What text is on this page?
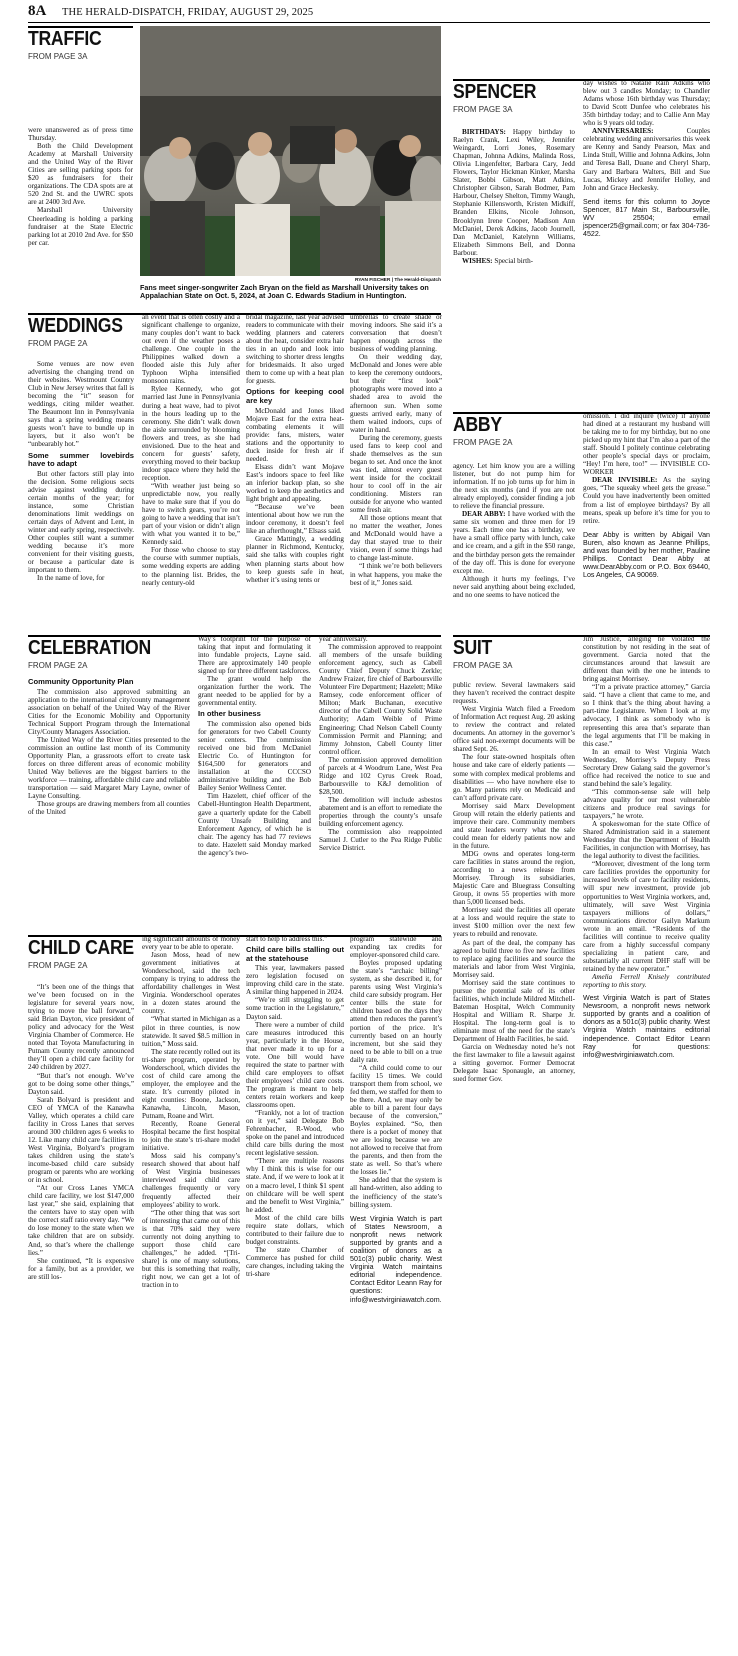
8A THE HERALD-DISPATCH, FRIDAY, AUGUST 29, 2025
TRAFFIC
FROM PAGE 3A

were unanswered as of press time Thursday.

Both the Child Development Academy at Marshall University and the United Way of the River Cities are selling parking spots for $20 as fundraisers for their organizations. The CDA spots are at 520 2nd St. and the UWRC spots are at 2400 3rd Ave.

Marshall University Cheerleading is holding a parking fundraiser at the State Electric parking lot at 2010 2nd Ave. for $50 per car.

RYAN FISCHER | The Herald-Dispatch
Fans meet singer-songwriter Zach Bryan on the field as Marshall University takes on Appalachian State on Oct. 5, 2024, at Joan C. Edwards Stadium in Huntington.
SPENCER
FROM PAGE 3A

BIRTHDAYS: Happy birthday to Raelyn Crank, Lexi Wiley, Jennifer Weingardt, Lorri Jones, Rosemary Chapman, Johnna Adkins, Malinda Ross, Olivia Lingenfelter, Barbara Cary, Jedd Flowers, Taylor Hickman Kinker, Marsha Slater, Bobbi Gibson, Matt Adkins, Christopher Gibson, Sarah Bodmer, Pam Harbour, Chelsey Shelton, Timmy Waugh, Stephanie Killensworth, Kristen Midkiff, Branden Elkins, Nicole Johnson, Brooklynn Irene Cooper, Madison Ann McDaniel, Derek Adkins, Jacob Journell, Dan McDaniel, Katelynn Williams, Elizabeth Simmons Bell, and Donna Barbour.

WISHES: Special birth-

day wishes to Natalie Rain Adkins who blew out 3 candles Monday; to Chandler Adams whose 16th birthday was Thursday; to David Scott Dunfee who celebrates his 35th birthday today; and to Callie Ann May who is 9 years old today.

ANNIVERSARIES: Couples celebrating wedding anniversaries this week are Kenny and Sandy Pearson, Max and Linda Stull, Willie and Johnna Adkins, John and Teresa Ball, Duane and Cheryl Sharp, Gary and Barbara Walters, Bill and Sue Lucas, Mickey and Jennifer Holley, and John and Grace Heckesky.

Send items for this column to Joyce Spencer, 817 Main St., Barboursville, WV 25504; email jspencer25@gmail.com; or fax 304-736-4522.

WEDDINGS
FROM PAGE 2A

Some venues are now even advertising the changing trend on their websites. Westmount Country Club in New Jersey writes that fall is becoming the “it” season for weddings, citing milder weather. The Beaumont Inn in Pennsylvania says that a spring wedding means guests won’t have to bundle up in layers, but it also won’t be “unbearably hot.”

Some summer lovebirds have to adapt

But other factors still play into the decision. Some religious sects advise against wedding during certain months of the year; for instance, some Christian denominations limit weddings on certain days of Advent and Lent, in winter and early spring, respectively. Other couples still want a summer wedding because it’s more convenient for their visiting guests, or because a particular date is important to them.

In the name of love, for

an event that is often costly and a significant challenge to organize, many couples don’t want to back out even if the weather poses a challenge. One couple in the Philippines walked down a flooded aisle this July after Typhoon Wipha intensified monsoon rains.

Rylee Kennedy, who got married last June in Pennsylvania during a heat wave, had to pivot in the hours leading up to the ceremony. She didn’t walk down the aisle surrounded by blooming flowers and trees, as she had envisioned. Due to the heat and concern for guests’ safety, everything moved to their backup indoor space where they held the reception.

“With weather just being so unpredictable now, you really have to make sure that if you do have to switch gears, you’re not going to have a wedding that isn’t part of your vision or didn’t align with what you wanted it to be,” Kennedy said.

For those who choose to stay the course with summer nuptials, some wedding experts are adding to the planning list. Brides, the nearly century-old

bridal magazine, last year advised readers to communicate with their wedding planners and caterers about the heat, consider extra hair ties in an updo and look into switching to shorter dress lengths for bridesmaids. It also urged them to come up with a heat plan for guests.

Options for keeping cool are key

McDonald and Jones liked Mojave East for the extra heat-combating elements it will provide: fans, misters, water stations and the opportunity to duck inside for fresh air if needed.

Elsass didn’t want Mojave East’s indoors space to feel like an inferior backup plan, so she worked to keep the aesthetics and light bright and appealing.

“Because we’ve been intentional about how we run the indoor ceremony, it doesn’t feel like an afterthought,” Elsass said.

Grace Mattingly, a wedding planner in Richmond, Kentucky, said she talks with couples right when planning starts about how to keep guests safe in heat, whether it’s using tents or

umbrellas to create shade or moving indoors. She said it’s a conversation that doesn’t happen enough across the business of wedding planning.

On their wedding day, McDonald and Jones were able to keep the ceremony outdoors, but their “first look” photographs were moved into a shaded area to avoid the afternoon sun. When some guests arrived early, many of them waited indoors, cups of water in hand.

During the ceremony, guests used fans to keep cool and shade themselves as the sun began to set. And once the knot was tied, almost every guest went inside for the cocktail hour to cool off in the air conditioning. Misters ran outside for anyone who wanted some fresh air.

All those options meant that no matter the weather, Jones and McDonald would have a day that stayed true to their vision, even if some things had to change last-minute.

“I think we’re both believers in what happens, you make the best of it,” Jones said.

ABBY
FROM PAGE 2A

agency. Let him know you are a willing listener, but do not pump him for information. If no job turns up for him in the next six months (and if you are not already employed), consider finding a job to relieve the financial pressure.

DEAR ABBY: I have worked with the same six women and three men for 19 years. Each time one has a birthday, we have a small office party with lunch, cake and ice cream, and a gift in the $50 range, and the birthday person gets the remainder of the day off. This is done for everyone except me.

Although it hurts my feelings, I’ve never said anything about being excluded, and no one seems to have noticed the

omission. I did inquire (twice) if anyone had dined at a restaurant my husband will be taking me to for my birthday, but no one picked up my hint that I’m also a part of the staff. Should I politely continue celebrating other people’s special days or proclaim, “Hey! I’m here, too!” — INVISIBLE CO-WORKER

DEAR INVISIBLE: As the saying goes, “The squeaky wheel gets the grease.” Could you have inadvertently been omitted from a list of employee birthdays? By all means, speak up before it’s time for you to retire.

Dear Abby is written by Abigail Van Buren, also known as Jeanne Phillips, and was founded by her mother, Pauline Phillips. Contact Dear Abby at www.DearAbby.com or P.O. Box 69440, Los Angeles, CA 90069.

CELEBRATION
FROM PAGE 2A
Community Opportunity Plan

The commission also approved submitting an application to the international city/county management association on behalf of the United Way of the River Cities for the Economic Mobility and Opportunity Technical Support Program through the International City/County Managers Association.

The United Way of the River Cities presented to the commission an outline last month of its Community Opportunity Plan, a grassroots effort to create task forces on three different areas of economic mobility United Way believes are the biggest barriers to the workforce — training, affordable child care and reliable transportation — said Margaret Mary Layne, owner of Layne Consulting.

Those groups are drawing members from all counties of the United

Way’s footprint for the purpose of taking that input and formulating it into fundable projects, Layne said. There are approximately 140 people signed up for three different taskforces.

The grant would help the organization further the work. The grant needed to be applied for by a governmental entity.

In other business

The commission also opened bids for generators for two Cabell County senior centers. The commission received one bid from McDaniel Electric Co. of Huntington for $164,500 for generators and installation at the CCCSO administrative building and the Bob Bailey Senior Wellness Center.

Tim Hazelett, chief officer of the Cabell-Huntington Health Department, gave a quarterly update for the Cabell County Unsafe Building and Enforcement Agency, of which he is chair. The agency has had 77 reviews to date. Hazelett said Monday marked the agency’s two-

year anniversary.

The commission approved to reappoint all members of the unsafe building enforcement agency, such as Cabell County Chief Deputy Chuck Zerkle; Andrew Fraizer, fire chief of Barboursville Volunteer Fire Department; Hazelett; Mike Ramsey, code enforcement officer of Milton; Mark Buchanan, executive director of the Cabell County Solid Waste Authority; Adam Weible of Prime Engineering; Chad Nelson Cabell County Commission Permit and Planning; and Jimmy Johnston, Cabell County litter control officer.

The commission approved demolition of parcels at 4 Woodrum Lane, West Pea Ridge and 102 Cyrus Creek Road, Barboursville to K&J demolition of $28,500.

The demolition will include asbestos abatement and is an effort to remediate the properties through the county’s unsafe building enforcement agency.

The commission also reappointed Samuel J. Cutler to the Pea Ridge Public Service District.

SUIT
FROM PAGE 3A

public review. Several lawmakers said they haven’t received the contract despite requests.

West Virginia Watch filed a Freedom of Information Act request Aug. 20 asking to review the contract and related documents. An attorney in the governor’s office said non-exempt documents will be shared Sept. 26.

The four state-owned hospitals often house and take care of elderly patients — some with complex medical problems and disabilities — who have nowhere else to go. Many patients rely on Medicaid and can’t afford private care.

Morrisey said Marx Development Group will retain the elderly patients and improve their care. Community members and state leaders worry what the sale could mean for elderly patients now and in the future.

MDG owns and operates long-term care facilities in states around the region, according to a news release from Morrisey. Through its subsidiaries, Majestic Care and Bluegrass Consulting Group, it owns 55 properties with more than 5,000 licensed beds.

Morrisey said the facilities all operate at a loss and would require the state to invest $100 million over the next few years to rebuild and renovate.

As part of the deal, the company has agreed to build three to five new facilities to replace aging facilities and source the materials and labor from West Virginia, Morrisey said.

Morrisey said the state continues to pursue the potential sale of its other facilities, which include Mildred Mitchell-Bateman Hospital, Welch Community Hospital and William R. Sharpe Jr. Hospital. The long-term goal is to eliminate most of the need for the state’s Department of Health Facilities, he said.

Garcia on Wednesday noted he’s not the first lawmaker to file a lawsuit against a sitting governor. Former Democrat Delegate Isaac Sponaugle, an attorney, sued former Gov.

Jim Justice, alleging he violated the constitution by not residing in the seat of government. Garcia noted that the circumstances around that lawsuit are different than with the one he intends to bring against Morrisey.

“I’m a private practice attorney,” Garcia said. “I have a client that came to me, and so I think that’s the thing about having a part-time Legislature. When I look at my advocacy, I think as somebody who is representing this area that’s separate than the legal arguments that I’ll be making in this case.”

In an email to West Virginia Watch Wednesday, Morrisey’s Deputy Press Secretary Drew Galang said the governor’s office had received the notice to sue and stand behind the sale’s legality.

“This common-sense sale will help advance quality for our most vulnerable citizens and produce real savings for taxpayers,” he wrote.

A spokeswoman for the state Office of Shared Administration said in a statement Wednesday that the Department of Health Facilities, in conjunction with Morrisey, has the legal authority to divest the facilities.

“Moreover, divestment of the long term care facilities provides the opportunity for increased levels of care to facility residents, will spur new investment, provide job opportunities to West Virginia workers, and, ultimately, will save West Virginia taxpayers millions of dollars,” communications director Gailyn Markum wrote in an email. “Residents of the facilities will continue to receive quality care from a highly successful company specializing in patient care, and substantially all current DHF staff will be retained by the new operator.”

Amelia Ferrell Knisely contributed reporting to this story.

West Virginia Watch is part of States Newsroom, a nonprofit news network supported by grants and a coalition of donors as a 501c(3) public charity. West Virginia Watch maintains editorial independence. Contact Editor Leann Ray for questions: info@westvirginiawatch.com.

CHILD CARE
FROM PAGE 2A

“It’s been one of the things that we’ve been focused on in the legislature for several years now, trying to move the ball forward,” said Brian Dayton, vice president of policy and advocacy for the West Virginia Chamber of Commerce. He noted that Toyota Manufacturing in Putnam County recently announced they’ll open a child care facility for 240 children by 2027.

“But that’s not enough. We’ve got to be doing some other things,” Dayton said.

Sarah Bolyard is president and CEO of YMCA of the Kanawha Valley, which operates a child care facility in Cross Lanes that serves around 300 children ages 6 weeks to 12. Like many child care facilities in West Virginia, Bolyard’s program takes children using the state’s income-based child care subsidy program or parents who are working or in school.

“At our Cross Lanes YMCA child care facility, we lost $147,000 last year,” she said, explaining that the centers have to stay open with the correct staff ratio every day. “We do lose money to the state when we take children that are on subsidy. And, so that’s where the challenge lies.”

She continued, “It is expensive for a family, but as a provider, we are still los-

ing significant amounts of money every year to be able to operate.

Jason Moss, head of new government initiatives at Wonderschool, said the tech company is trying to address the affordability challenges in West Virginia. Wonderschool operates in a dozen states around the country.

“What started in Michigan as a pilot in three counties, is now statewide. It saved $8.5 million in tuition,” Moss said.

The state recently rolled out its tri-share program, operated by Wonderschool, which divides the cost of child care among the employer, the employee and the state. It’s currently piloted in eight counties: Boone, Jackson, Kanawha, Lincoln, Mason, Putnam, Roane and Wirt.

Recently, Roane General Hospital became the first hospital to join the state’s tri-share model initiative.

Moss said his company’s research showed that about half of West Virginia businesses interviewed said child care challenges frequently or very frequently affected their employees’ ability to work.

“The other thing that was sort of interesting that came out of this is that 70% said they were currently not doing anything to support those child care challenges,” he added. “[Tri-share] is one of many solutions, but this is something that really, right now, we can get a lot of traction in to

start to help to address this.”

Child care bills stalling out at the statehouse

This year, lawmakers passed zero legislation focused on improving child care in the state. A similar thing happened in 2024.

“We’re still struggling to get some traction in the Legislature,” Dayton said.

There were a number of child care measures introduced this year, particularly in the House, that never made it to up for a vote. One bill would have required the state to partner with child care employers to offset their employees’ child care costs. The program is meant to help centers retain workers and keep classrooms open.

“Frankly, not a lot of traction on it yet,” said Delegate Bob Fehrenbacher, R-Wood, who spoke on the panel and introduced child care bills during the most recent legislative session.

“There are multiple reasons why I think this is wise for our state. And, if we were to look at it on a macro level, I think $1 spent on childcare will be well spent and the benefit to West Virginia,” he added.

Most of the child care bills require state dollars, which contributed to their failure due to budget constraints.

The state Chamber of Commerce has pushed for child care changes, including taking the tri-share

program statewide and expanding tax credits for employer-sponsored child care.

Boyles proposed updating the state’s “archaic billing” system, as she described it, for parents using West Virginia’s child care subsidy program. Her center bills the state for children based on the days they attend then reduces the parent’s portion of the price. It’s currently based on an hourly increment, but she said they need to be able to bill on a true daily rate.

“A child could come to our facility 15 times. We could transport them from school, we fed them, we staffed for them to be there. And, we may only be able to bill a parent four days because of the conversion,” Boyles explained. “So, then there is a pocket of money that we are losing because we are not allowed to receive that from the parents, and then from the state as well. So that’s where the losses lie.”

She added that the system is all hand-written, also adding to the inefficiency of the state’s billing system.

West Virginia Watch is part of States Newsroom, a nonprofit news network supported by grants and a coalition of donors as a 501c(3) public charity. West Virginia Watch maintains editorial independence. Contact Editor Leann Ray for questions: info@westvirginiawatch.com.
